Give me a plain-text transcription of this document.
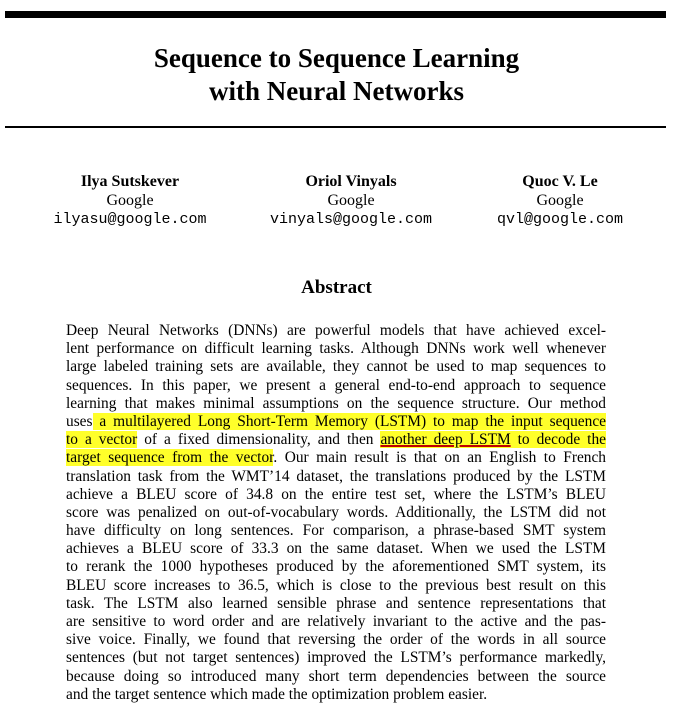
Sequence to Sequence Learning
with Neural Networks
Ilya Sutskever
Google
ilyasu@google.com
Oriol Vinyals
Google
vinyals@google.com
Quoc V. Le
Google
qvl@google.com
Abstract
Deep Neural Networks (DNNs) are powerful models that have achieved excel-
lent performance on difficult learning tasks. Although DNNs work well whenever
large labeled training sets are available, they cannot be used to map sequences to
sequences. In this paper, we present a general end-to-end approach to sequence
learning that makes minimal assumptions on the sequence structure. Our method
uses a multilayered Long Short-Term Memory (LSTM) to map the input sequence
to a vector of a fixed dimensionality, and then another deep LSTM to decode the
target sequence from the vector. Our main result is that on an English to French
translation task from the WMT’14 dataset, the translations produced by the LSTM
achieve a BLEU score of 34.8 on the entire test set, where the LSTM’s BLEU
score was penalized on out-of-vocabulary words. Additionally, the LSTM did not
have difficulty on long sentences. For comparison, a phrase-based SMT system
achieves a BLEU score of 33.3 on the same dataset. When we used the LSTM
to rerank the 1000 hypotheses produced by the aforementioned SMT system, its
BLEU score increases to 36.5, which is close to the previous best result on this
task. The LSTM also learned sensible phrase and sentence representations that
are sensitive to word order and are relatively invariant to the active and the pas-
sive voice. Finally, we found that reversing the order of the words in all source
sentences (but not target sentences) improved the LSTM’s performance markedly,
because doing so introduced many short term dependencies between the source
and the target sentence which made the optimization problem easier.
